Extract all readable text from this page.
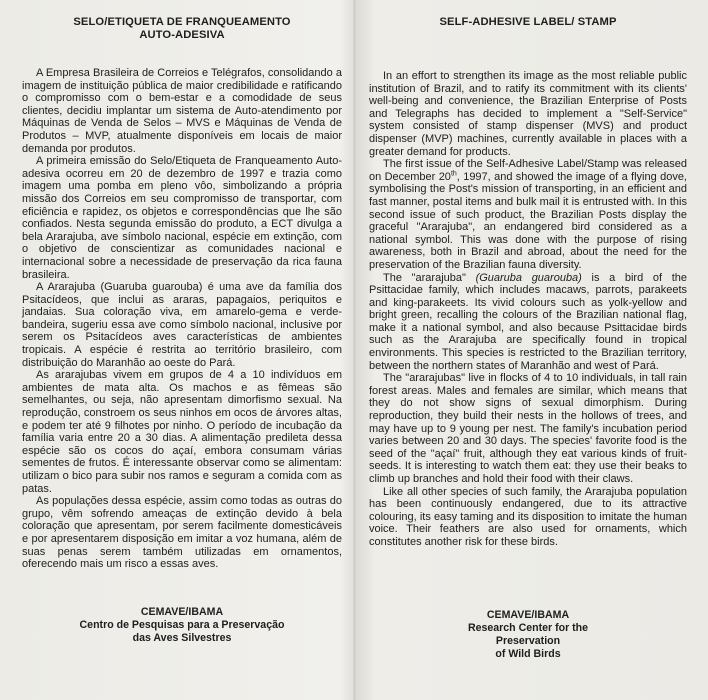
SELO/ETIQUETA DE FRANQUEAMENTO
AUTO-ADESIVA

A Empresa Brasileira de Correios e Telégrafos, consolidando a imagem de instituição pública de maior credibilidade e ratificando o compromisso com o bem-estar e a comodidade de seus clientes, decidiu implantar um sistema de Auto-atendimento por Máquinas de Venda de Selos – MVS e Máquinas de Venda de Produtos – MVP, atualmente disponíveis em locais de maior demanda por produtos.

A primeira emissão do Selo/Etiqueta de Franqueamento Auto-adesiva ocorreu em 20 de dezembro de 1997 e trazia como imagem uma pomba em pleno vôo, simbolizando a própria missão dos Correios em seu compromisso de transportar, com eficiência e rapidez, os objetos e correspondências que lhe são confiados. Nesta segunda emissão do produto, a ECT divulga a bela Ararajuba, ave símbolo nacional, espécie em extinção, com o objetivo de conscientizar as comunidades nacional e internacional sobre a necessidade de preservação da rica fauna brasileira.

A Ararajuba (Guaruba guarouba) é uma ave da família dos Psitacídeos, que inclui as araras, papagaios, periquitos e jandaias. Sua coloração viva, em amarelo-gema e verde-bandeira, sugeriu essa ave como símbolo nacional, inclusive por serem os Psitacídeos aves características de ambientes tropicais. A espécie é restrita ao território brasileiro, com distribuição do Maranhão ao oeste do Pará.

As ararajubas vivem em grupos de 4 a 10 indivíduos em ambientes de mata alta. Os machos e as fêmeas são semelhantes, ou seja, não apresentam dimorfismo sexual. Na reprodução, constroem os seus ninhos em ocos de árvores altas, e podem ter até 9 filhotes por ninho. O período de incubação da família varia entre 20 a 30 dias. A alimentação predileta dessa espécie são os cocos do açaí, embora consumam várias sementes de frutos. É interessante observar como se alimentam: utilizam o bico para subir nos ramos e seguram a comida com as patas.

As populações dessa espécie, assim como todas as outras do grupo, vêm sofrendo ameaças de extinção devido à bela coloração que apresentam, por serem facilmente domesticáveis e por apresentarem disposição em imitar a voz humana, além de suas penas serem também utilizadas em ornamentos, oferecendo mais um risco a essas aves.

CEMAVE/IBAMA
Centro de Pesquisas para a Preservação
das Aves Silvestres
SELF-ADHESIVE LABEL/ STAMP

In an effort to strengthen its image as the most reliable public institution of Brazil, and to ratify its commitment with its clients' well-being and convenience, the Brazilian Enterprise of Posts and Telegraphs has decided to implement a "Self-Service" system consisted of stamp dispenser (MVS) and product dispenser (MVP) machines, currently available in places with a greater demand for products.

The first issue of the Self-Adhesive Label/Stamp was released on December 20th, 1997, and showed the image of a flying dove, symbolising the Post's mission of transporting, in an efficient and fast manner, postal items and bulk mail it is entrusted with. In this second issue of such product, the Brazilian Posts display the graceful "Ararajuba", an endangered bird considered as a national symbol. This was done with the purpose of rising awareness, both in Brazil and abroad, about the need for the preservation of the Brazilian fauna diversity.

The "ararajuba" (Guaruba guarouba) is a bird of the Psittacidae family, which includes macaws, parrots, parakeets and king-parakeets. Its vivid colours such as yolk-yellow and bright green, recalling the colours of the Brazilian national flag, make it a national symbol, and also because Psittacidae birds such as the Ararajuba are specifically found in tropical environments. This species is restricted to the Brazilian territory, between the northern states of Maranhão and west of Pará.

The "ararajubas" live in flocks of 4 to 10 individuals, in tall rain forest areas. Males and females are similar, which means that they do not show signs of sexual dimorphism. During reproduction, they build their nests in the hollows of trees, and may have up to 9 young per nest. The family's incubation period varies between 20 and 30 days. The species' favorite food is the seed of the "açaí" fruit, although they eat various kinds of fruit-seeds. It is interesting to watch them eat: they use their beaks to climb up branches and hold their food with their claws.

Like all other species of such family, the Ararajuba population has been continuously endangered, due to its attractive colouring, its easy taming and its disposition to imitate the human voice. Their feathers are also used for ornaments, which constitutes another risk for these birds.

CEMAVE/IBAMA
Research Center for the
Preservation
of Wild Birds
